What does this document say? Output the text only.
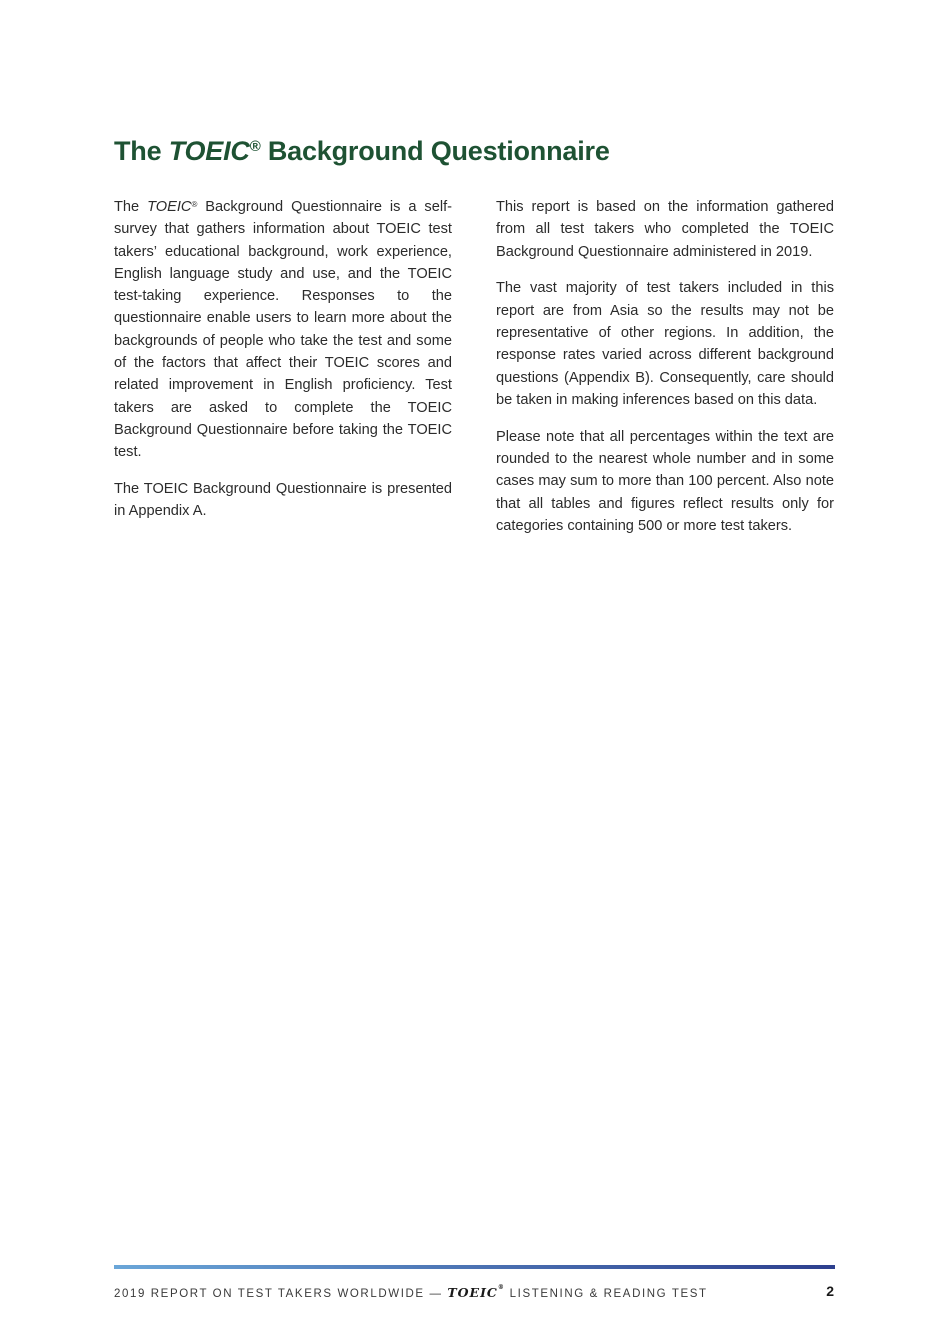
The TOEIC® Background Questionnaire

The TOEIC® Background Questionnaire is a self-survey that gathers information about TOEIC test takers’ educational background, work experience, English language study and use, and the TOEIC test-taking experience. Responses to the questionnaire enable users to learn more about the backgrounds of people who take the test and some of the factors that affect their TOEIC scores and related improvement in English proficiency. Test takers are asked to complete the TOEIC Background Questionnaire before taking the TOEIC test.

The TOEIC Background Questionnaire is presented in Appendix A.

This report is based on the information gathered from all test takers who completed the TOEIC Background Questionnaire administered in 2019.

The vast majority of test takers included in this report are from Asia so the results may not be representative of other regions. In addition, the response rates varied across different background questions (Appendix B). Consequently, care should be taken in making inferences based on this data.

Please note that all percentages within the text are rounded to the nearest whole number and in some cases may sum to more than 100 percent. Also note that all tables and figures reflect results only for categories containing 500 or more test takers.

2019 REPORT ON TEST TAKERS WORLDWIDE — TOEIC® LISTENING & READING TEST	2
